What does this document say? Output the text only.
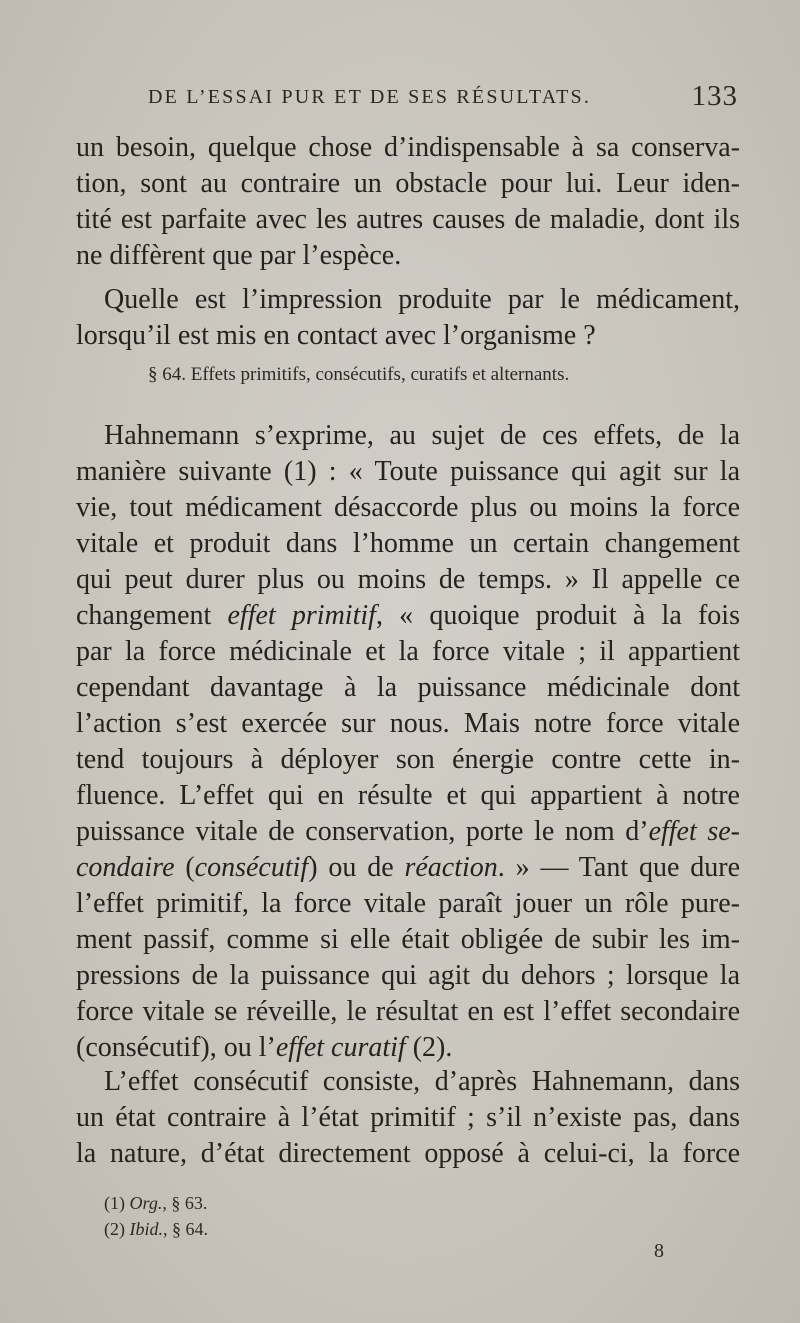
DE L’ESSAI PUR ET DE SES RÉSULTATS.	133
un besoin, quelque chose d’indispensable à sa conserva-
tion, sont au contraire un obstacle pour lui. Leur iden-
tité est parfaite avec les autres causes de maladie, dont ils
ne diffèrent que par l’espèce.
Quelle est l’impression produite par le médicament,
lorsqu’il est mis en contact avec l’organisme ?
§ 64. Effets primitifs, consécutifs, curatifs et alternants.
Hahnemann s’exprime, au sujet de ces effets, de la
manière suivante (1) : « Toute puissance qui agit sur la
vie, tout médicament désaccorde plus ou moins la force
vitale et produit dans l’homme un certain changement
qui peut durer plus ou moins de temps. » Il appelle ce
changement effet primitif, « quoique produit à la fois
par la force médicinale et la force vitale ; il appartient
cependant davantage à la puissance médicinale dont
l’action s’est exercée sur nous. Mais notre force vitale
tend toujours à déployer son énergie contre cette in-
fluence. L’effet qui en résulte et qui appartient à notre
puissance vitale de conservation, porte le nom d’effet se-
condaire (consécutif) ou de réaction. » — Tant que dure
l’effet primitif, la force vitale paraît jouer un rôle pure-
ment passif, comme si elle était obligée de subir les im-
pressions de la puissance qui agit du dehors ; lorsque la
force vitale se réveille, le résultat en est l’effet secondaire
(consécutif), ou l’effet curatif (2).
L’effet consécutif consiste, d’après Hahnemann, dans
un état contraire à l’état primitif ; s’il n’existe pas, dans
la nature, d’état directement opposé à celui-ci, la force
(1) Org., § 63.
(2) Ibid., § 64.
8
